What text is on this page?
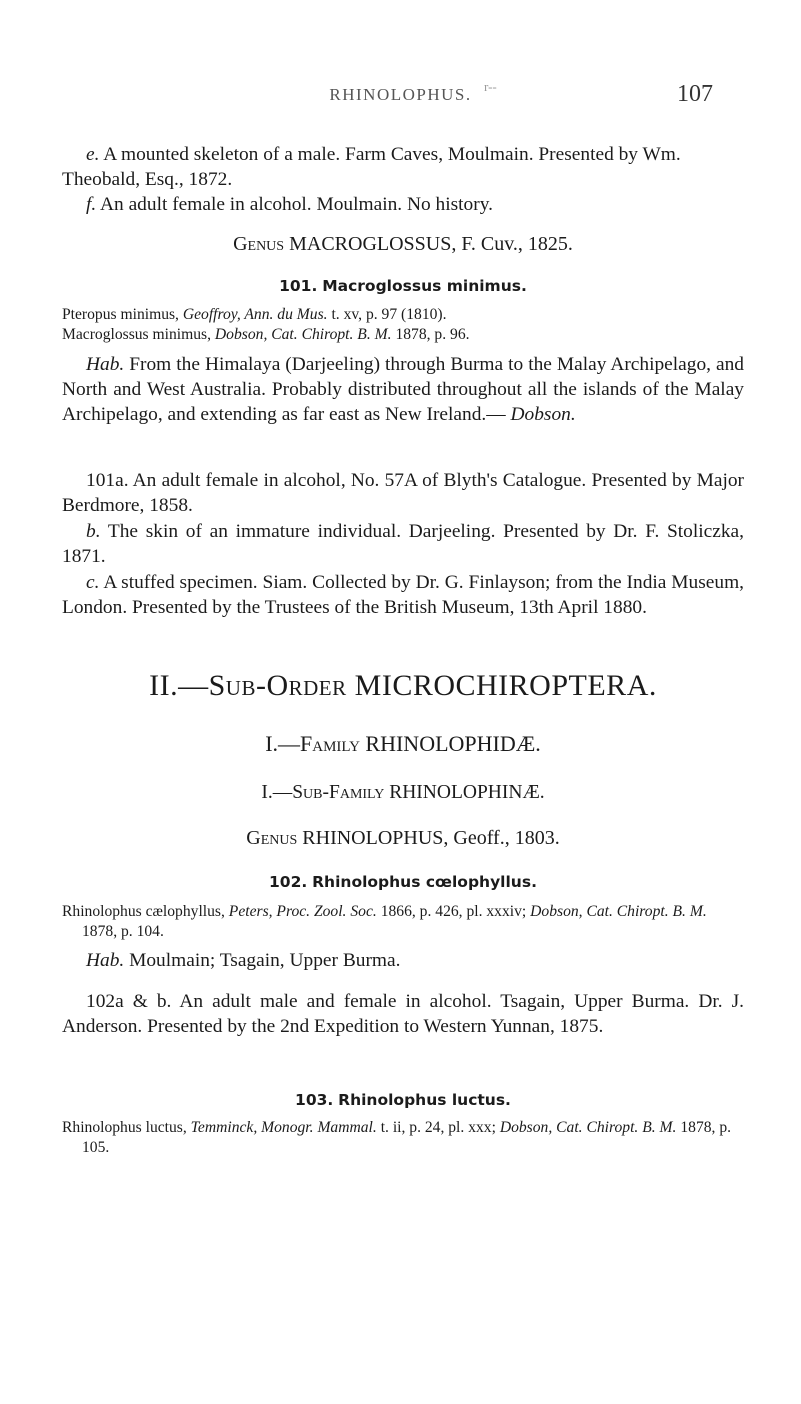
RHINOLOPHUS. r--	107

e. A mounted skeleton of a male. Farm Caves, Moulmain. Presented by Wm. Theobald, Esq., 1872.

f. An adult female in alcohol. Moulmain. No history.

Genus MACROGLOSSUS, F. Cuv., 1825.

101. Macroglossus minimus.

Pteropus minimus, Geoffroy, Ann. du Mus. t. xv, p. 97 (1810).

Macroglossus minimus, Dobson, Cat. Chiropt. B. M. 1878, p. 96.

Hab. From the Himalaya (Darjeeling) through Burma to the Malay Archipelago, and North and West Australia. Probably distributed throughout all the islands of the Malay Archipelago, and extending as far east as New Ireland.— Dobson.

101a. An adult female in alcohol, No. 57A of Blyth's Catalogue. Presented by Major Berdmore, 1858.

b. The skin of an immature individual. Darjeeling. Presented by Dr. F. Stoliczka, 1871.

c. A stuffed specimen. Siam. Collected by Dr. G. Finlayson; from the India Museum, London. Presented by the Trustees of the British Museum, 13th April 1880.

II.—Sub-Order MICROCHIROPTERA.

I.—Family RHINOLOPHIDÆ.

I.—Sub-Family RHINOLOPHINÆ.

Genus RHINOLOPHUS, Geoff., 1803.

102. Rhinolophus cœlophyllus.

Rhinolophus cælophyllus, Peters, Proc. Zool. Soc. 1866, p. 426, pl. xxxiv; Dobson, Cat. Chiropt. B. M. 1878, p. 104.

Hab. Moulmain; Tsagain, Upper Burma.

102a & b. An adult male and female in alcohol. Tsagain, Upper Burma. Dr. J. Anderson. Presented by the 2nd Expedition to Western Yunnan, 1875.

103. Rhinolophus luctus.

Rhinolophus luctus, Temminck, Monogr. Mammal. t. ii, p. 24, pl. xxx; Dobson, Cat. Chiropt. B. M. 1878, p. 105.
